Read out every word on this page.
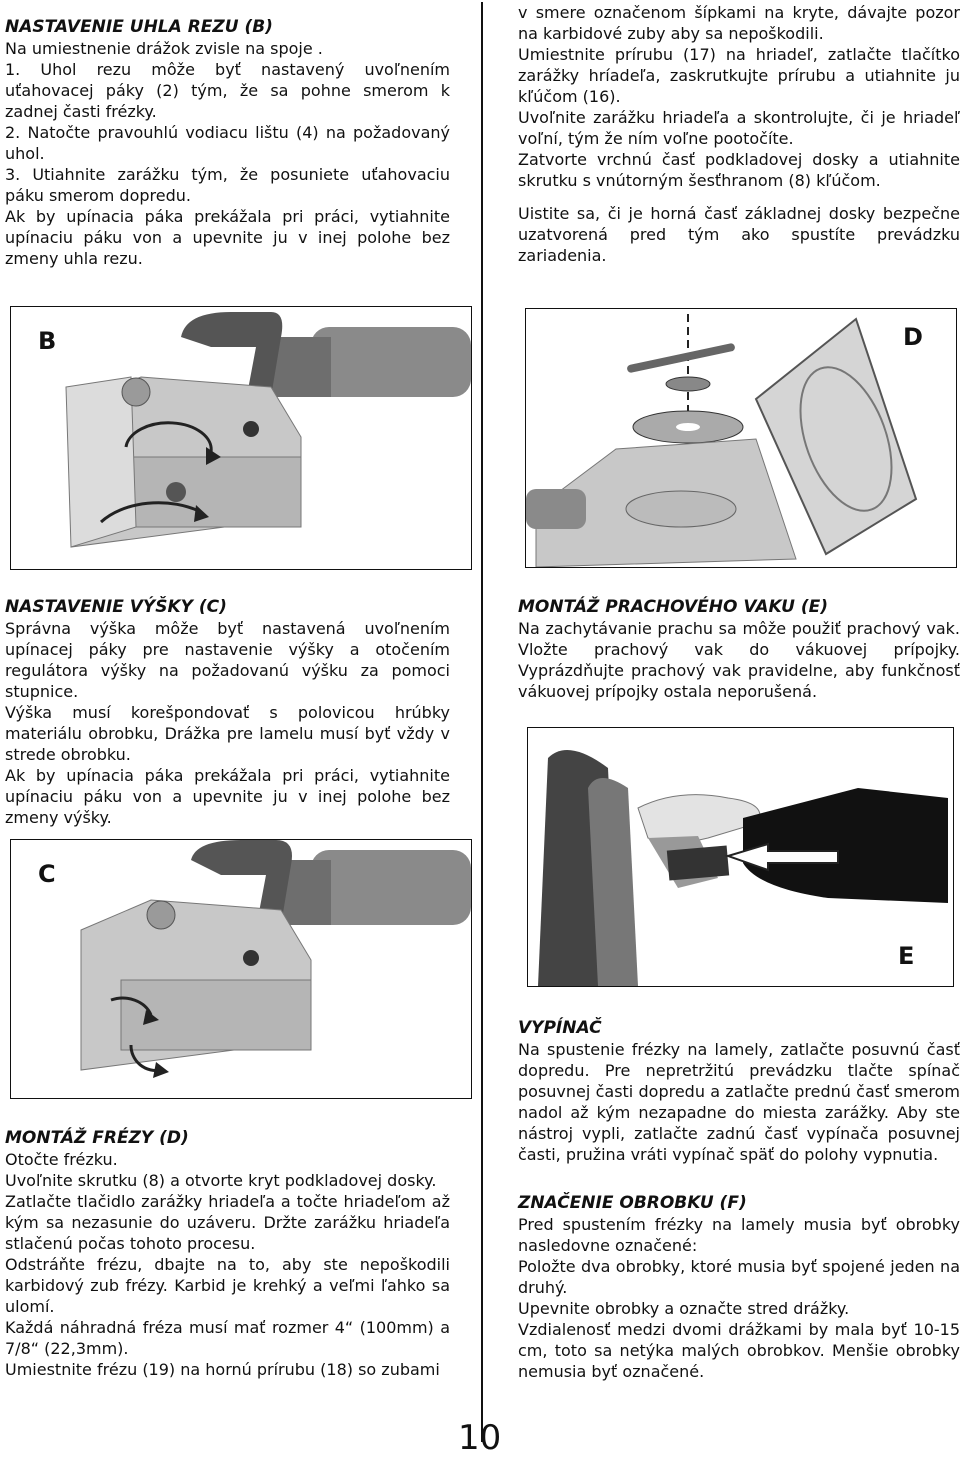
NASTAVENIE UHLA REZU (B)

Na umiestnenie drážok zvisle na spoje .

1. Uhol rezu môže byť nastavený uvoľnením uťahovacej páky (2) tým, že sa pohne smerom k zadnej časti frézky.

2. Natočte pravouhlú vodiacu lištu (4) na požadovaný uhol.

3. Utiahnite zarážku tým, že posuniete uťahovaciu páku smerom dopredu.

Ak by upínacia páka prekážala pri práci, vytiahnite upínaciu páku von a upevnite ju v inej polohe bez zmeny uhla rezu.

B

NASTAVENIE VÝŠKY (C)

Správna výška môže byť nastavená uvoľnením upínacej páky pre nastavenie výšky a otočením regulátora výšky na požadovanú výšku za pomoci stupnice.

Výška musí korešpondovať s polovicou hrúbky materiálu obrobku, Drážka pre lamelu musí byť vždy v strede obrobku.

Ak by upínacia páka prekážala pri práci, vytiahnite upínaciu páku von a upevnite ju v inej polohe bez zmeny výšky.

C

MONTÁŽ FRÉZY (D)

Otočte frézku.

Uvoľnite skrutku (8) a otvorte kryt podkladovej dosky.

Zatlačte tlačidlo zarážky hriadeľa a točte hriadeľom až kým sa nezasunie do uzáveru. Držte zarážku hriadeľa stlačenú počas tohoto procesu.

Odstráňte frézu, dbajte na to, aby ste nepoškodili karbidový zub frézy. Karbid je krehký a veľmi ľahko sa ulomí.

Každá náhradná fréza musí mať rozmer 4“ (100mm) a 7/8“ (22,3mm).

Umiestnite frézu (19) na hornú prírubu (18) so zubami

v smere označenom šípkami na kryte, dávajte pozor na karbidové zuby aby sa nepoškodili.

Umiestnite prírubu (17) na hriadeľ, zatlačte tlačítko zarážky hríadeľa, zaskrutkujte prírubu a utiahnite ju kľúčom (16).

Uvoľnite zarážku hriadeľa a skontrolujte, či je hriadeľ voľní, tým že ním voľne pootočíte.

Zatvorte vrchnú časť podkladovej dosky a utiahnite skrutku s vnútorným šesťhranom (8) kľúčom.

Uistite sa, či je horná časť základnej dosky bezpečne uzatvorená pred tým ako spustíte prevádzku zariadenia.

D

MONTÁŽ PRACHOVÉHO VAKU (E)

Na zachytávanie prachu sa môže použiť prachový vak. Vložte prachový vak do vákuovej prípojky. Vyprázdňujte prachový vak pravidelne, aby funkčnosť vákuovej prípojky ostala neporušená.

E

VYPÍNAČ

Na spustenie frézky na lamely, zatlačte posuvnú časť dopredu. Pre nepretržitú prevádzku tlačte spínač posuvnej časti dopredu a zatlačte prednú časť smerom nadol až kým nezapadne do miesta zarážky. Aby ste nástroj vypli, zatlačte zadnú časť vypínača posuvnej časti, pružina vráti vypínač späť do polohy vypnutia.

ZNAČENIE OBROBKU (F)

Pred spustením frézky na lamely musia byť obrobky nasledovne označené:

Položte dva obrobky, ktoré musia byť spojené jeden na druhý.

Upevnite obrobky a označte stred drážky.

Vzdialenosť medzi dvomi drážkami by mala byť 10-15 cm, toto sa netýka malých obrobkov. Menšie obrobky nemusia byť označené.

10
